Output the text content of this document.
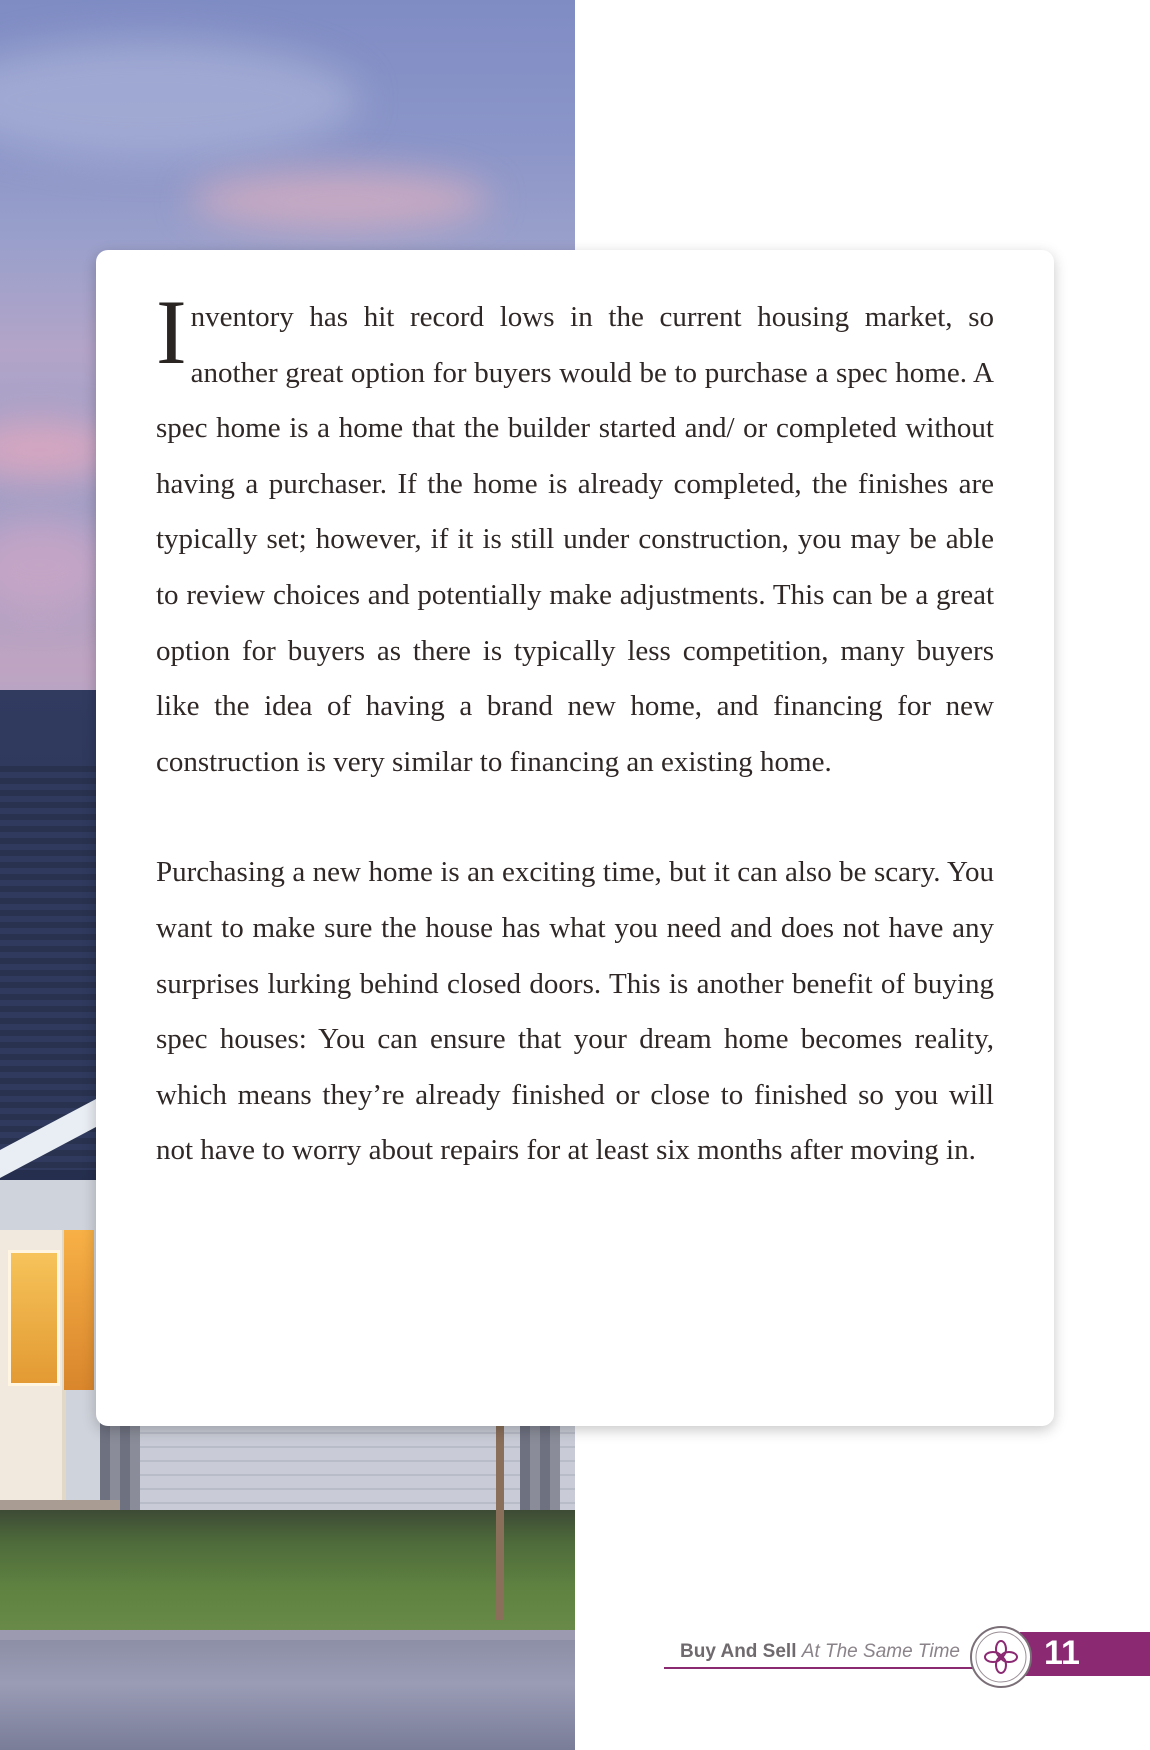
Inventory has hit record lows in the current housing market, so another great option for buyers would be to purchase a spec home. A spec home is a home that the builder started and/ or completed without having a purchaser. If the home is already completed, the finishes are typically set; however, if it is still under construction, you may be able to review choices and potentially make adjustments. This can be a great option for buyers as there is typically less competition, many buyers like the idea of having a brand new home, and financing for new construction is very similar to financing an existing home.

Purchasing a new home is an exciting time, but it can also be scary. You want to make sure the house has what you need and does not have any surprises lurking behind closed doors. This is another benefit of buying spec houses: You can ensure that your dream home becomes reality, which means they’re already finished or close to finished so you will not have to worry about repairs for at least six months after moving in.

Buy And Sell At The Same Time 11
